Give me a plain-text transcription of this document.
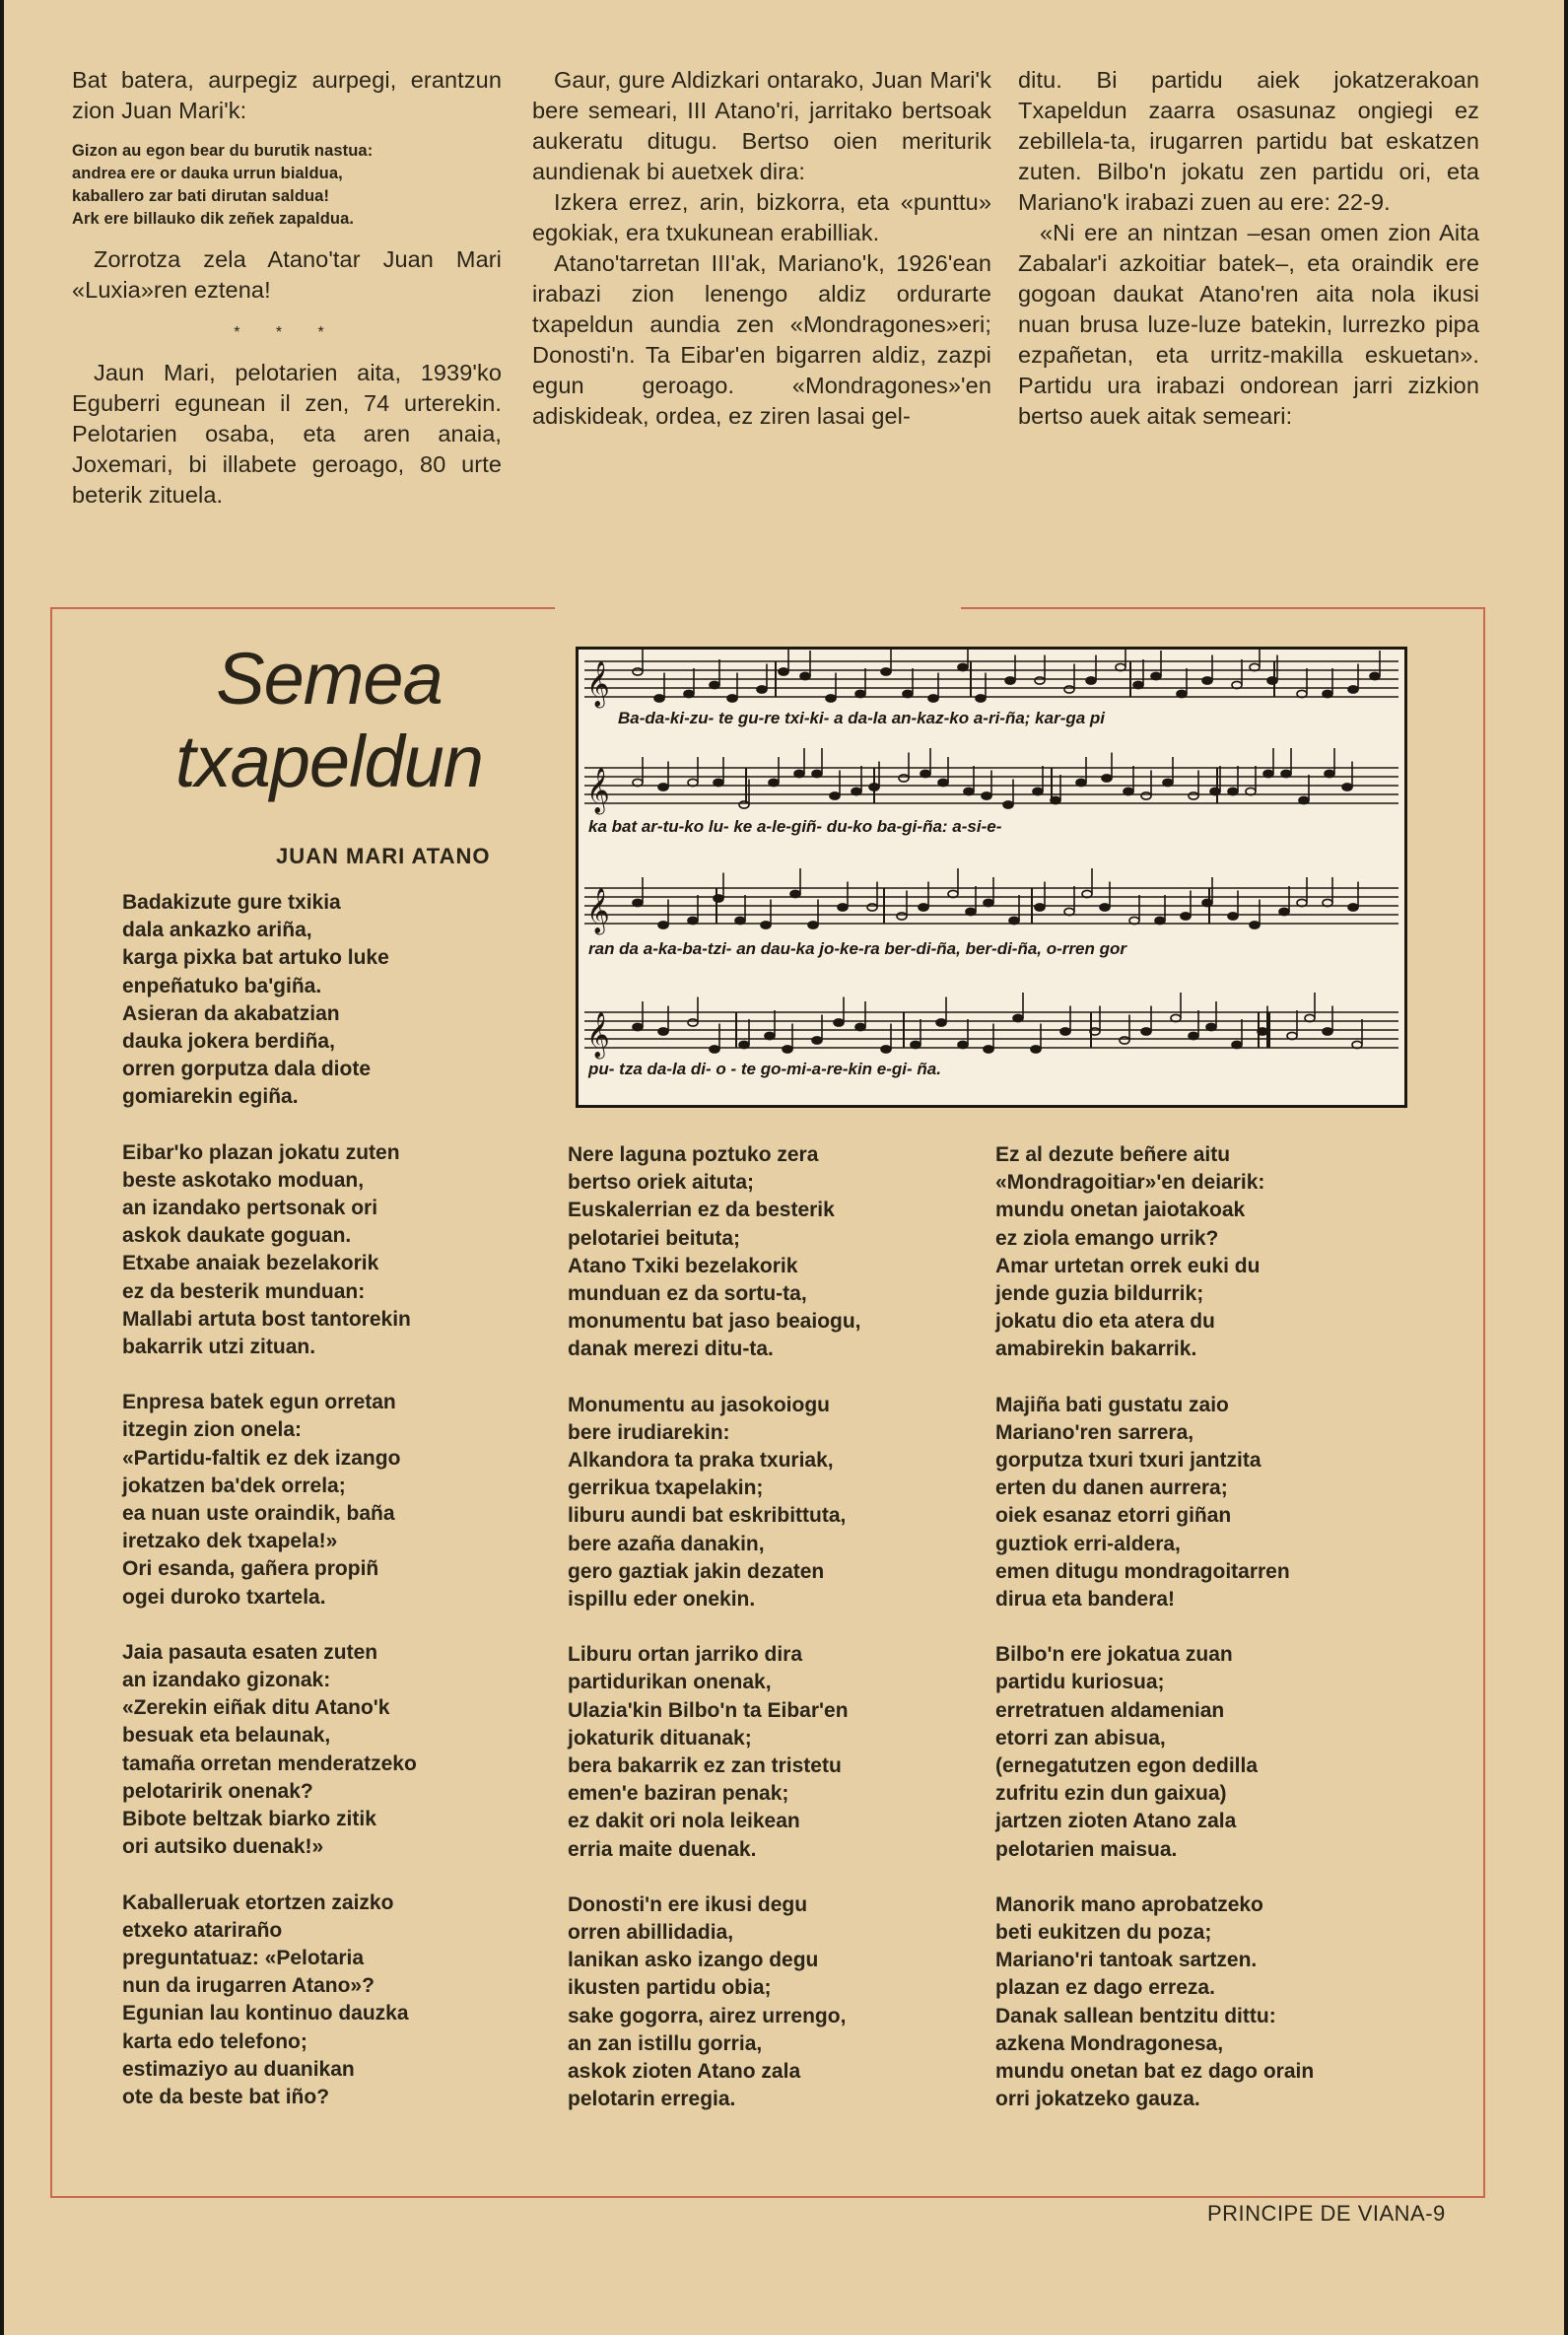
Bat batera, aurpegiz aurpegi, erantzun zion Juan Mari'k:

Gizon au egon bear du burutik nastua:
andrea ere or dauka urrun bialdua,
kaballero zar bati dirutan saldua!
Ark ere billauko dik zeñek zapaldua.

Zorrotza zela Atano'tar Juan Mari «Luxia»ren eztena!

* * *

Jaun Mari, pelotarien aita, 1939'ko Eguberri egunean il zen, 74 urterekin. Pelotarien osaba, eta aren anaia, Joxemari, bi illabete geroago, 80 urte beterik zituela.

Gaur, gure Aldizkari ontarako, Juan Mari'k bere semeari, III Atano'ri, jarritako bertsoak aukeratu ditugu. Bertso oien meriturik aundienak bi auetxek dira:

Izkera errez, arin, bizkorra, eta «punttu» egokiak, era txukunean erabilliak.

Atano'tarretan III'ak, Mariano'k, 1926'ean irabazi zion lenengo aldiz ordurarte txapeldun aundia zen «Mondragones»eri; Donosti'n. Ta Eibar'en bigarren aldiz, zazpi egun geroago. «Mondragones»'en adiskideak, ordea, ez ziren lasai gel-

ditu. Bi partidu aiek jokatzerakoan Txapeldun zaarra osasunaz ongiegi ez zebillela-ta, irugarren partidu bat eskatzen zuten. Bilbo'n jokatu zen partidu ori, eta Mariano'k irabazi zuen au ere: 22-9.

«Ni ere an nintzan –esan omen zion Aita Zabalar'i azkoitiar batek–, eta oraindik ere gogoan daukat Atano'ren aita nola ikusi nuan brusa luze-luze batekin, lurrezko pipa ezpañetan, eta urritz-makilla eskuetan». Partidu ura irabazi ondorean jarri zizkion bertso auek aitak semeari:

Semea
txapeldun
JUAN MARI ATANO
𝄞
𝄞
𝄞
𝄞
Ba-da-ki-zu- te gu-re txi-ki- a da-la an-kaz-ko a-ri-ña; kar-ga pi
ka bat ar-tu-ko lu- ke a-le-giñ- du-ko ba-gi-ña: a-si-e-
ran da a-ka-ba-tzi- an dau-ka jo-ke-ra ber-di-ña, ber-di-ña, o-rren gor
pu- tza da-la di- o - te go-mi-a-re-kin e-gi- ña.
Badakizute gure txikia
dala ankazko ariña,
karga pixka bat artuko luke
enpeñatuko ba'giña.
Asieran da akabatzian
dauka jokera berdiña,
orren gorputza dala diote
gomiarekin egiña.
Eibar'ko plazan jokatu zuten
beste askotako moduan,
an izandako pertsonak ori
askok daukate goguan.
Etxabe anaiak bezelakorik
ez da besterik munduan:
Mallabi artuta bost tantorekin
bakarrik utzi zituan.
Enpresa batek egun orretan
itzegin zion onela:
«Partidu-faltik ez dek izango
jokatzen ba'dek orrela;
ea nuan uste oraindik, baña
iretzako dek txapela!»
Ori esanda, gañera propiñ
ogei duroko txartela.
Jaia pasauta esaten zuten
an izandako gizonak:
«Zerekin eiñak ditu Atano'k
besuak eta belaunak,
tamaña orretan menderatzeko
pelotaririk onenak?
Bibote beltzak biarko zitik
ori autsiko duenak!»
Kaballeruak etortzen zaizko
etxeko atariraño
preguntatuaz: «Pelotaria
nun da irugarren Atano»?
Egunian lau kontinuo dauzka
karta edo telefono;
estimaziyo au duanikan
ote da beste bat iño?
Nere laguna poztuko zera
bertso oriek aituta;
Euskalerrian ez da besterik
pelotariei beituta;
Atano Txiki bezelakorik
munduan ez da sortu-ta,
monumentu bat jaso beaiogu,
danak merezi ditu-ta.
Monumentu au jasokoiogu
bere irudiarekin:
Alkandora ta praka txuriak,
gerrikua txapelakin;
liburu aundi bat eskribittuta,
bere azaña danakin,
gero gaztiak jakin dezaten
ispillu eder onekin.
Liburu ortan jarriko dira
partidurikan onenak,
Ulazia'kin Bilbo'n ta Eibar'en
jokaturik dituanak;
bera bakarrik ez zan tristetu
emen'e baziran penak;
ez dakit ori nola leikean
erria maite duenak.
Donosti'n ere ikusi degu
orren abillidadia,
lanikan asko izango degu
ikusten partidu obia;
sake gogorra, airez urrengo,
an zan istillu gorria,
askok zioten Atano zala
pelotarin erregia.
Ez al dezute beñere aitu
«Mondragoitiar»'en deiarik:
mundu onetan jaiotakoak
ez ziola emango urrik?
Amar urtetan orrek euki du
jende guzia bildurrik;
jokatu dio eta atera du
amabirekin bakarrik.
Majiña bati gustatu zaio
Mariano'ren sarrera,
gorputza txuri txuri jantzita
erten du danen aurrera;
oiek esanaz etorri giñan
guztiok erri-aldera,
emen ditugu mondragoitarren
dirua eta bandera!
Bilbo'n ere jokatua zuan
partidu kuriosua;
erretratuen aldamenian
etorri zan abisua,
(ernegatutzen egon dedilla
zufritu ezin dun gaixua)
jartzen zioten Atano zala
pelotarien maisua.
Manorik mano aprobatzeko
beti eukitzen du poza;
Mariano'ri tantoak sartzen.
plazan ez dago erreza.
Danak sallean bentzitu dittu:
azkena Mondragonesa,
mundu onetan bat ez dago orain
orri jokatzeko gauza.
PRINCIPE DE VIANA-9
